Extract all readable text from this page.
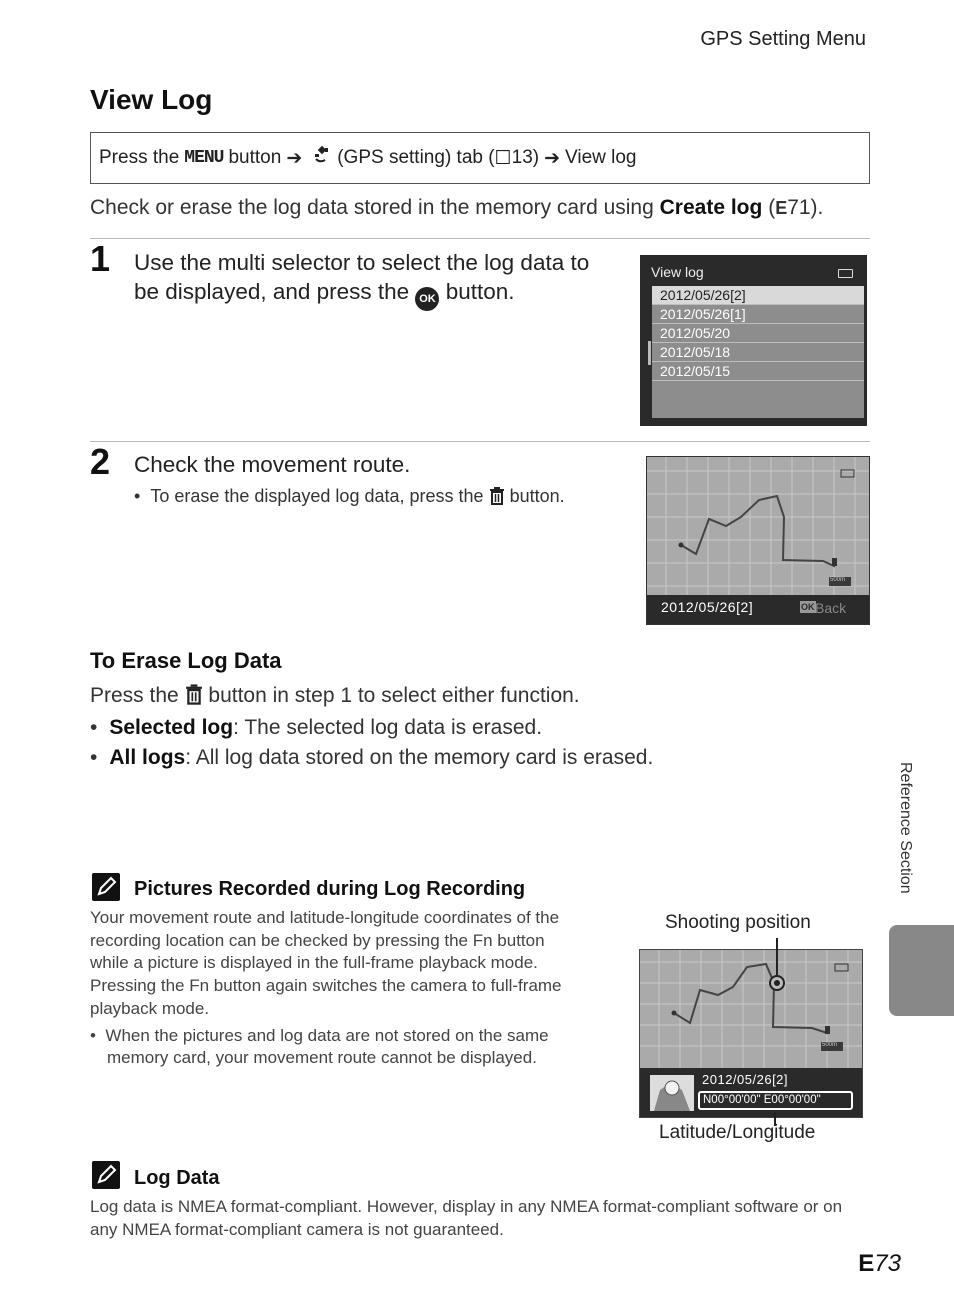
GPS Setting Menu
View Log
Press the MENU button ➔ (GPS setting) tab ( ☐ 13) ➔ View log
Check or erase the log data stored in the memory card using Create log (E71).
1 Use the multi selector to select the log data to
be displayed, and press the OK button.
View log
2012/05/26[2]
2012/05/26[1]
2012/05/20
2012/05/18
2012/05/15
2 Check the movement route.
•  To erase the displayed log data, press the button.
500m
2012/05/26[2]	OK Back
To Erase Log Data
Press the button in step 1 to select either function.
• Selected log: The selected log data is erased.
• All logs: All log data stored on the memory card is erased.
Pictures Recorded during Log Recording
Your movement route and latitude-longitude coordinates of the
recording location can be checked by pressing the Fn button
while a picture is displayed in the full-frame playback mode.
Pressing the Fn button again switches the camera to full-frame
playback mode.
•  When the pictures and log data are not stored on the same
memory card, your movement route cannot be displayed.
Shooting position
500m
2012/05/26[2]
N00°00'00" E00°00'00"
Latitude/Longitude
Log Data
Log data is NMEA format-compliant. However, display in any NMEA format-compliant software or on
any NMEA format-compliant camera is not guaranteed.
Reference Section
E73
